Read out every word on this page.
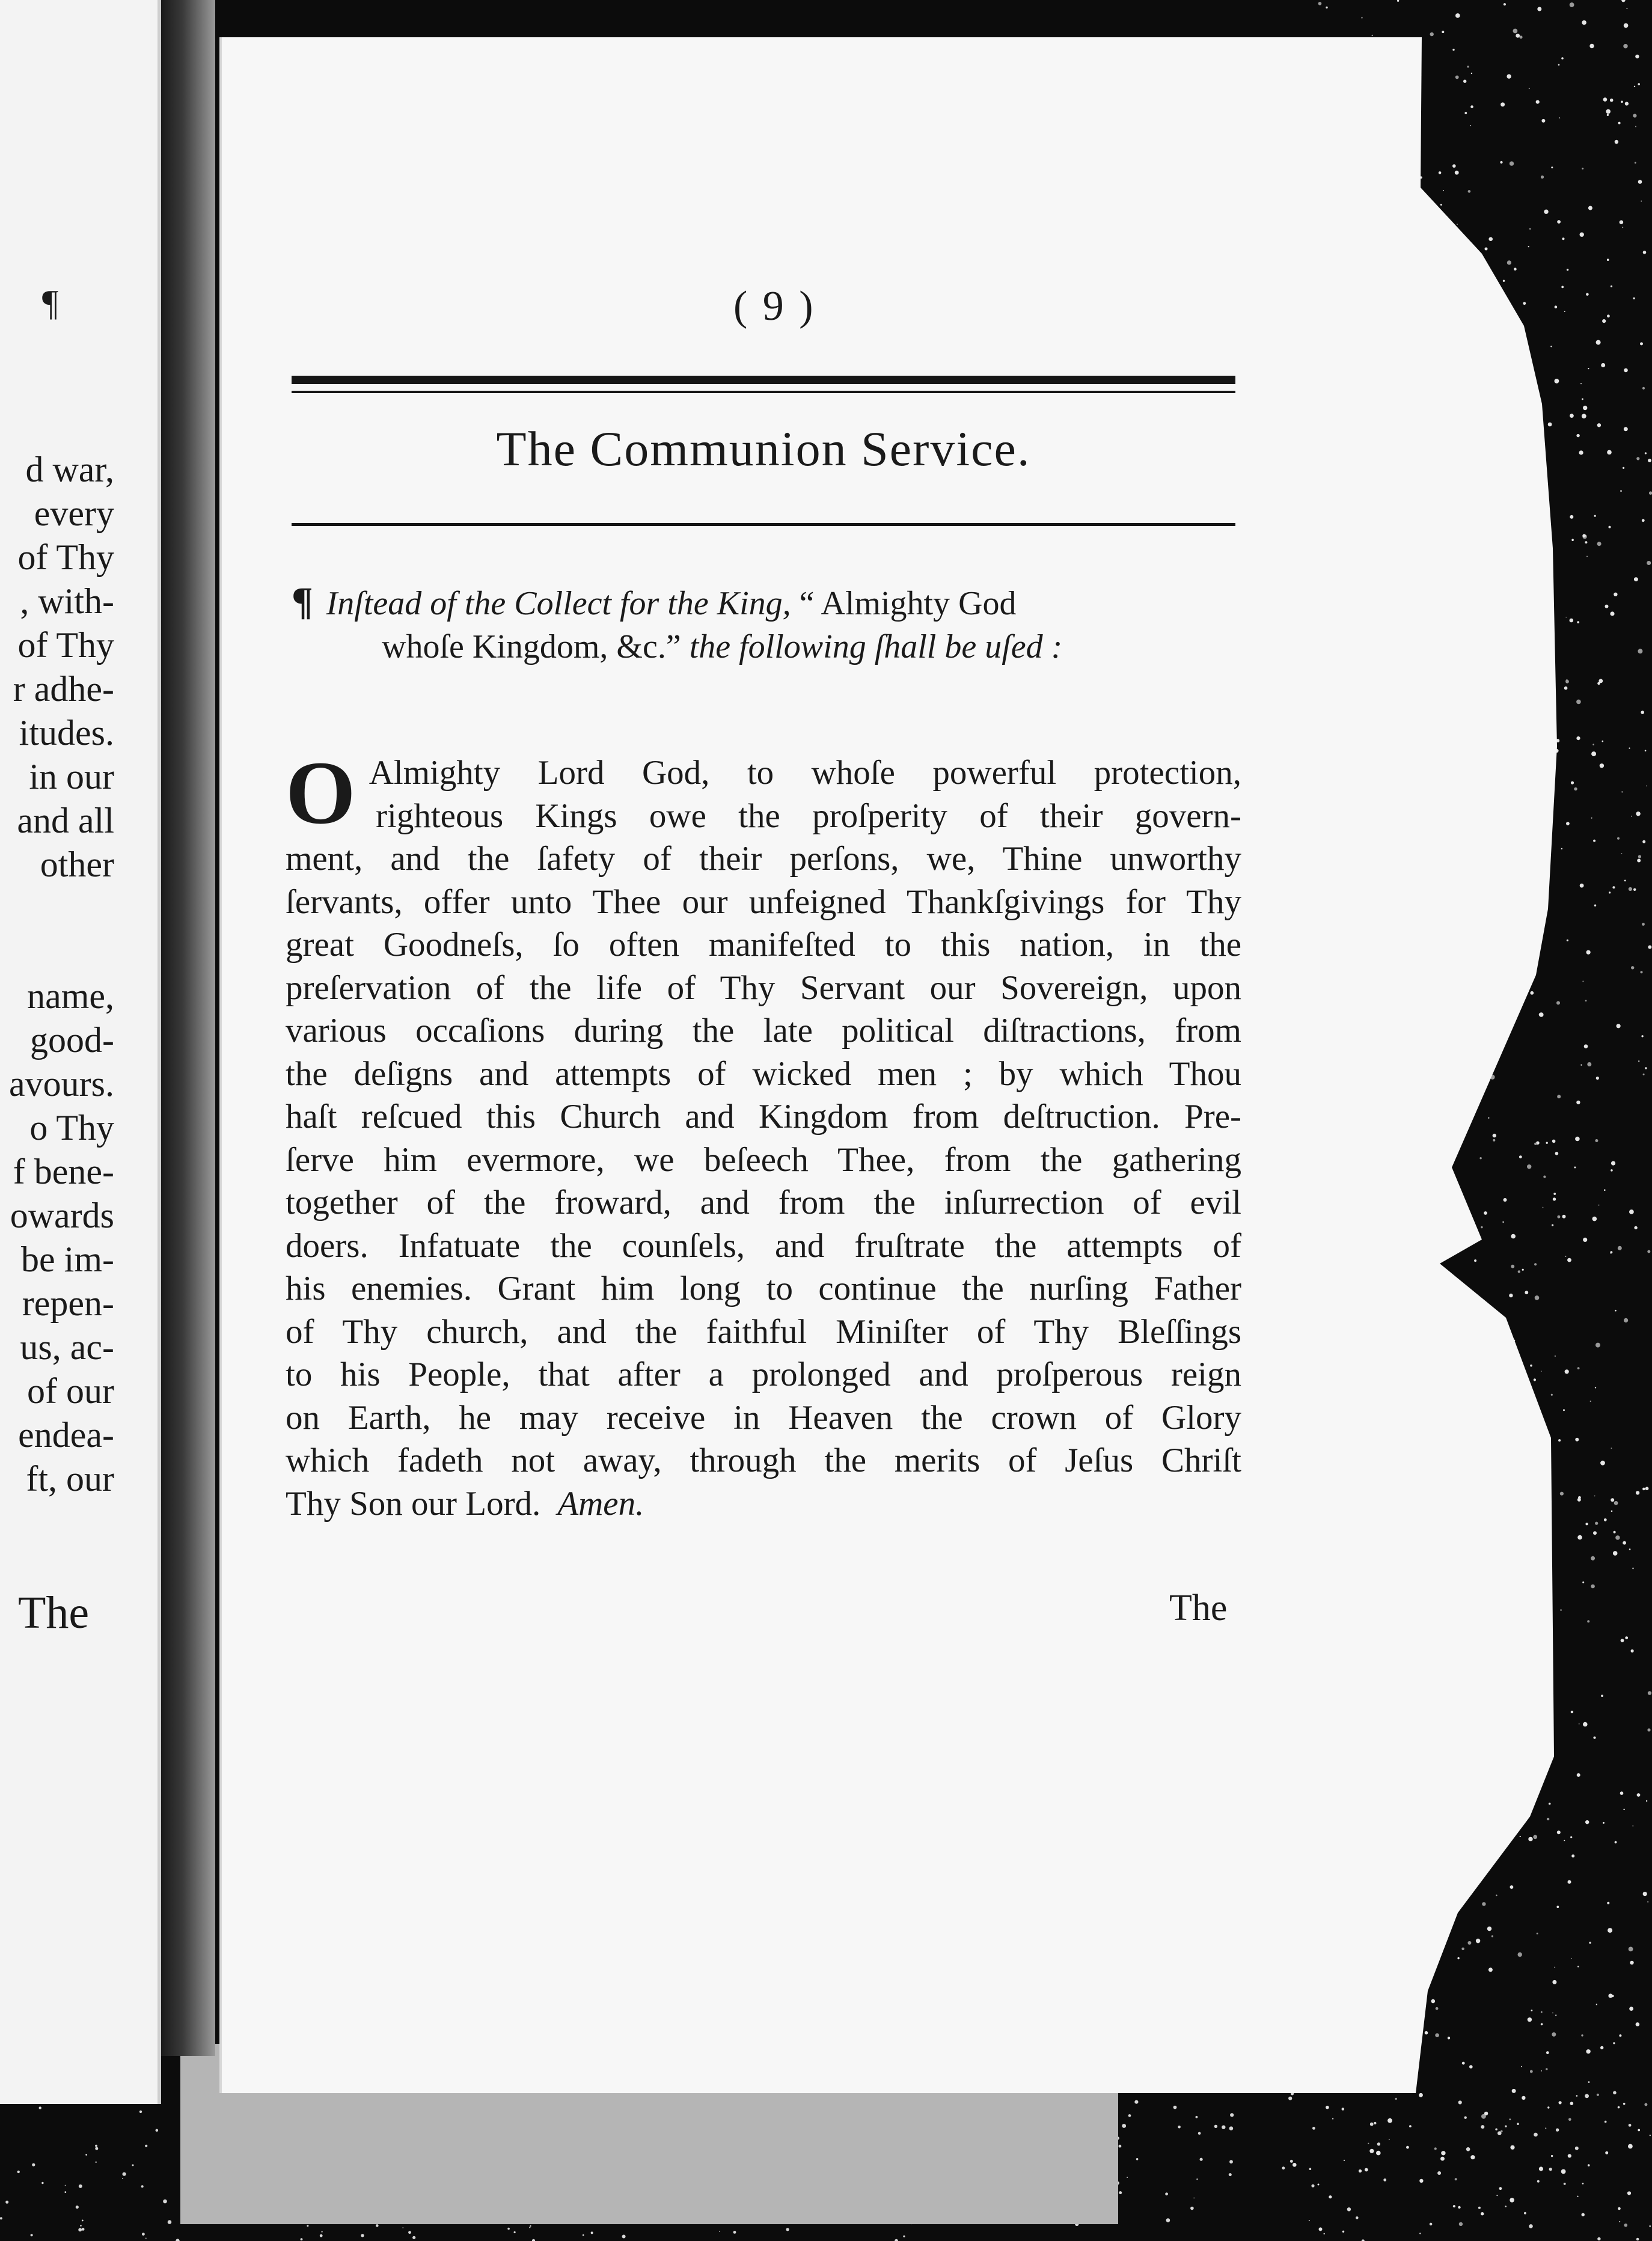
d war,
every
of Thy
, with-
of Thy
r adhe-
itudes.
in our
and all
other

name,
good-
avours.
o Thy
f bene-
owards
be im-
repen-
us, ac-
of our
endea-
ft, our
¶
The
( 9 )
The Communion Service.

¶ Inſtead of the Collect for the King, “ Almighty God
whoſe Kingdom, &c.” the following ſhall be uſed :

O Almighty Lord God, to whoſe powerful protection,
righteous Kings owe the proſperity of their govern-
ment, and the ſafety of their perſons, we, Thine unworthy
ſervants, offer unto Thee our unfeigned Thankſgivings for Thy
great Goodneſs, ſo often manifeſted to this nation, in the
preſervation of the life of Thy Servant our Sovereign, upon
various occaſions during the late political diſtractions, from
the deſigns and attempts of wicked men ; by which Thou
haſt reſcued this Church and Kingdom from deſtruction. Pre-
ſerve him evermore, we beſeech Thee, from the gathering
together of the froward, and from the inſurrection of evil
doers. Infatuate the counſels, and fruſtrate the attempts of
his enemies. Grant him long to continue the nurſing Father
of Thy church, and the faithful Miniſter of Thy Bleſſings
to his People, that after a prolonged and proſperous reign
on Earth, he may receive in Heaven the crown of Glory
which fadeth not away, through the merits of Jeſus Chriſt
Thy Son our Lord. Amen.
The
